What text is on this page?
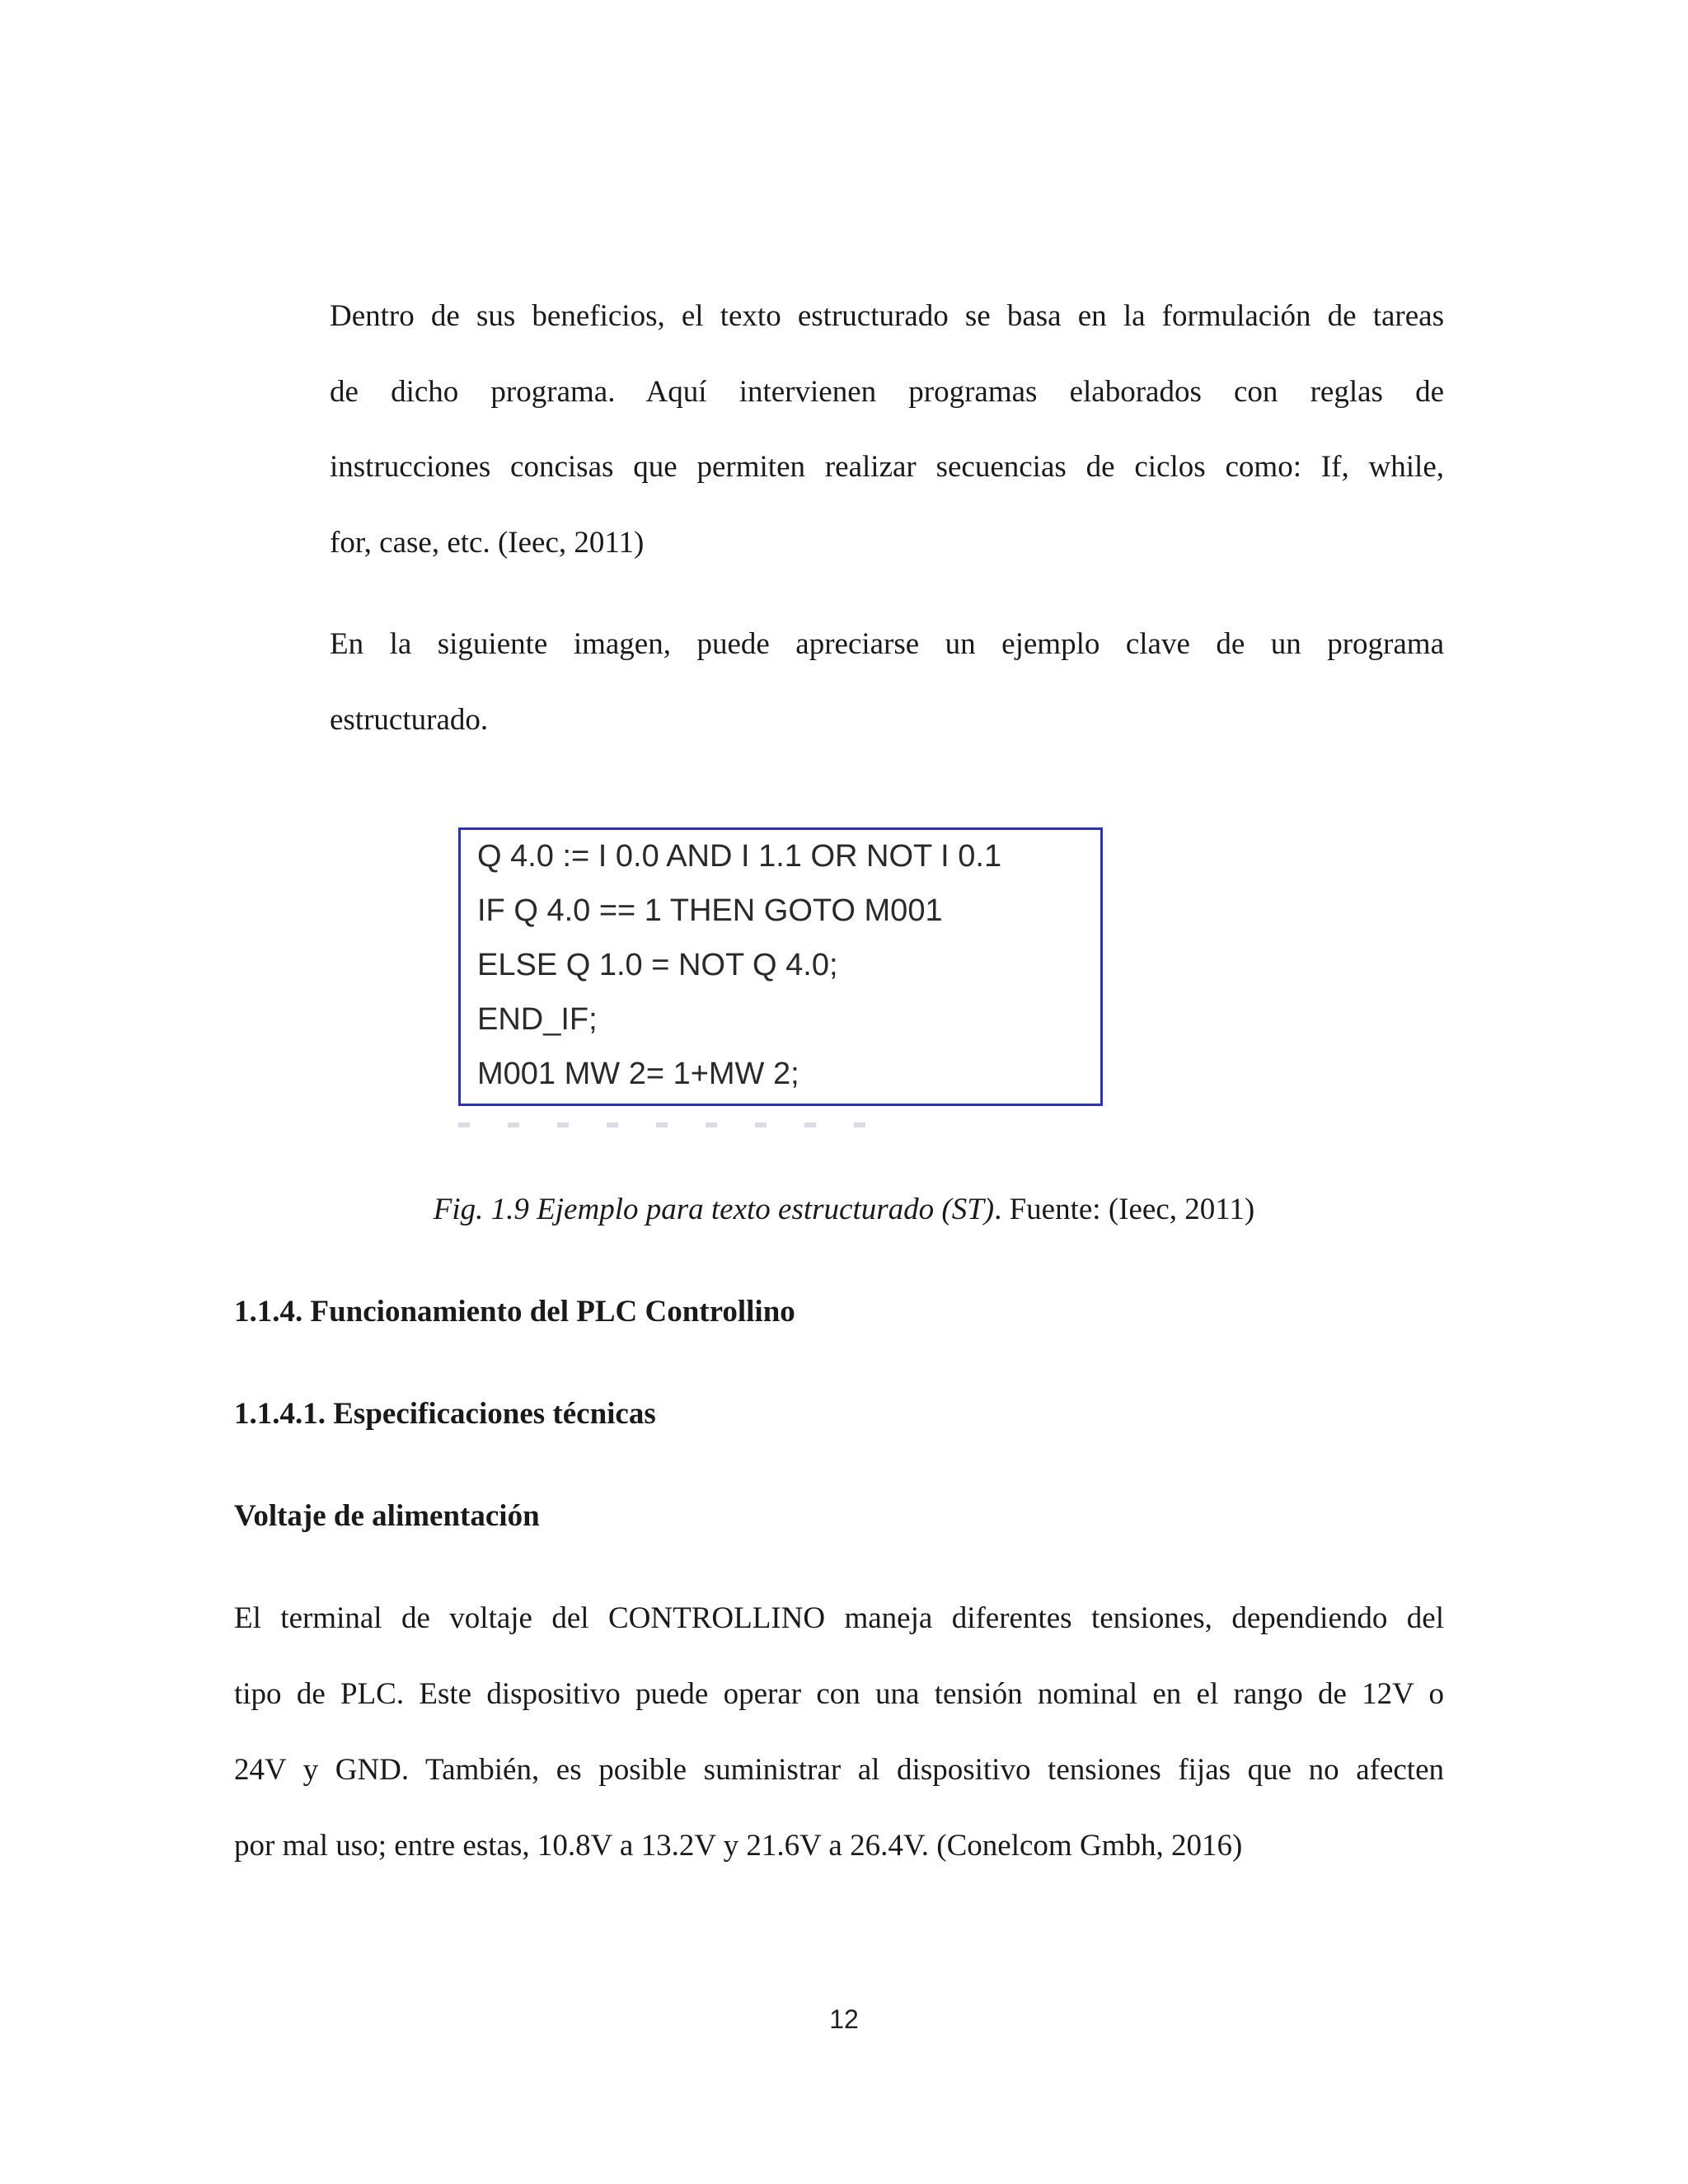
Dentro de sus beneficios, el texto estructurado se basa en la formulación de tareas
de dicho programa. Aquí intervienen programas elaborados con reglas de
instrucciones concisas que permiten realizar secuencias de ciclos como: If, while,
for, case, etc. (Ieec, 2011)
En la siguiente imagen, puede apreciarse un ejemplo clave de un programa
estructurado.
Q 4.0 := I 0.0 AND I 1.1 OR NOT I 0.1
IF Q 4.0 == 1 THEN GOTO M001
ELSE Q 1.0 = NOT Q 4.0;
END_IF;
M001 MW 2= 1+MW 2;
Fig. 1.9 Ejemplo para texto estructurado (ST). Fuente: (Ieec, 2011)
1.1.4. Funcionamiento del PLC Controllino
1.1.4.1. Especificaciones técnicas
Voltaje de alimentación
El terminal de voltaje del CONTROLLINO maneja diferentes tensiones, dependiendo del
tipo de PLC. Este dispositivo puede operar con una tensión nominal en el rango de 12V o
24V y GND. También, es posible suministrar al dispositivo tensiones fijas que no afecten
por mal uso; entre estas, 10.8V a 13.2V y 21.6V a 26.4V. (Conelcom Gmbh, 2016)
12
